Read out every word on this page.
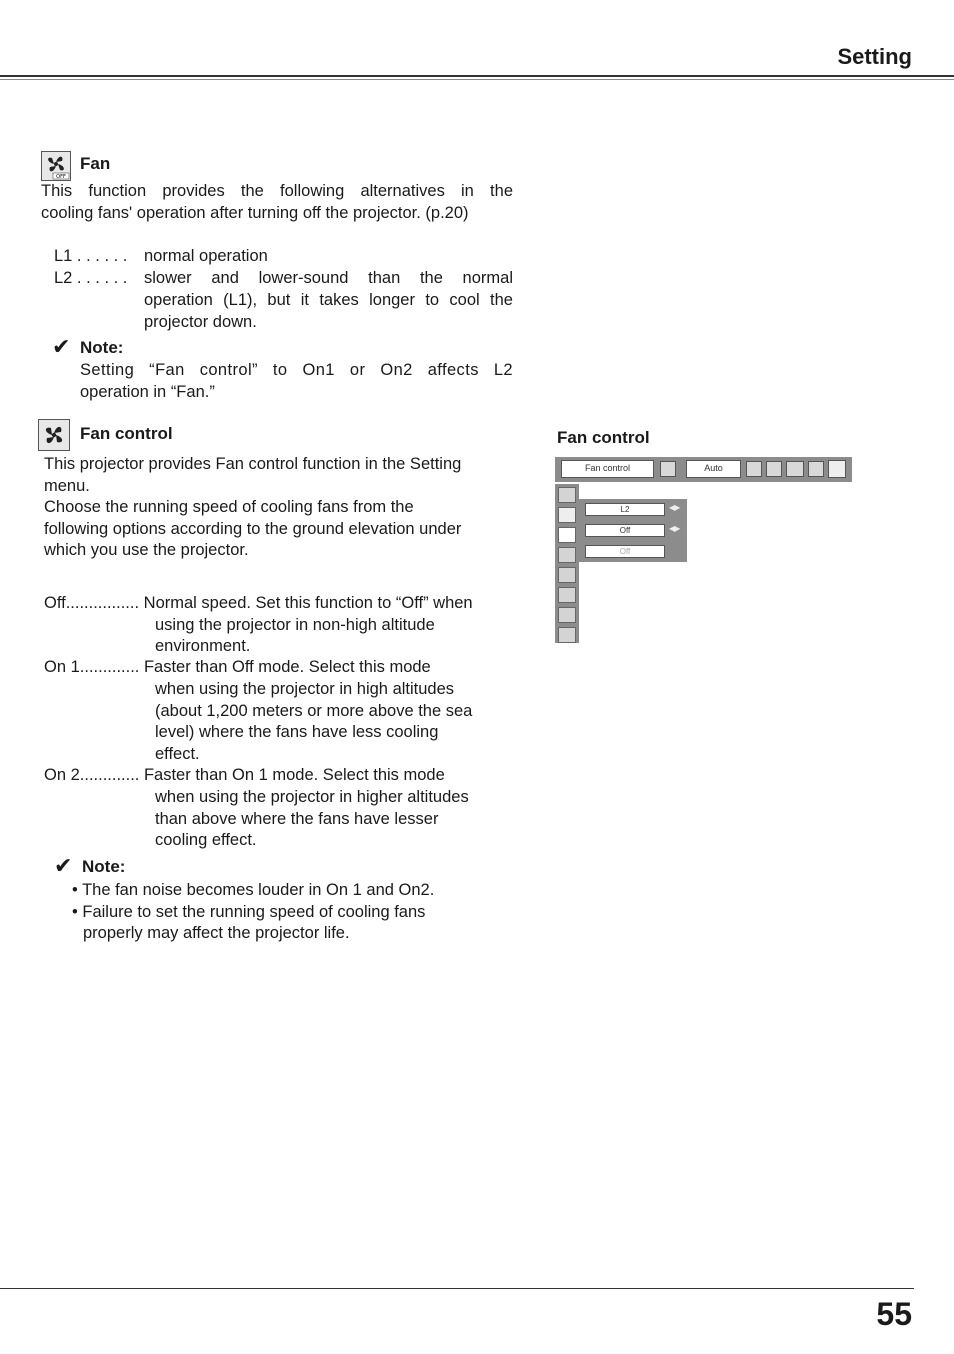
Setting
OFF
Fan
This function provides the following alternatives in the
cooling fans' operation after turning off the projector. (p.20)
L1 . . . . . . normal operation
L2 . . . . . . slower and lower-sound than the normal
operation (L1), but it takes longer to cool the
projector down.
✔ Note:
Setting “Fan control” to On1 or On2 affects L2
operation in “Fan.”
Fan control
This projector provides Fan control function in the Setting
menu.
Choose the running speed of cooling fans from the
following options according to the ground elevation under
which you use the projector.
Off................ Normal speed. Set this function to “Off” when
using the projector in non-high altitude
environment.
On 1............. Faster than Off mode. Select this mode
when using the projector in high altitudes
(about 1,200 meters or more above the sea
level) where the fans have less cooling
effect.
On 2............. Faster than On 1 mode. Select this mode
when using the projector in higher altitudes
than above where the fans have lesser
cooling effect.
✔ Note:
• The fan noise becomes louder in On 1 and On2.
• Failure to set the running speed of cooling fans
properly may affect the projector life.
Fan control
Fan control	Auto
L2	◀▶
Off	◀▶
Off
55
